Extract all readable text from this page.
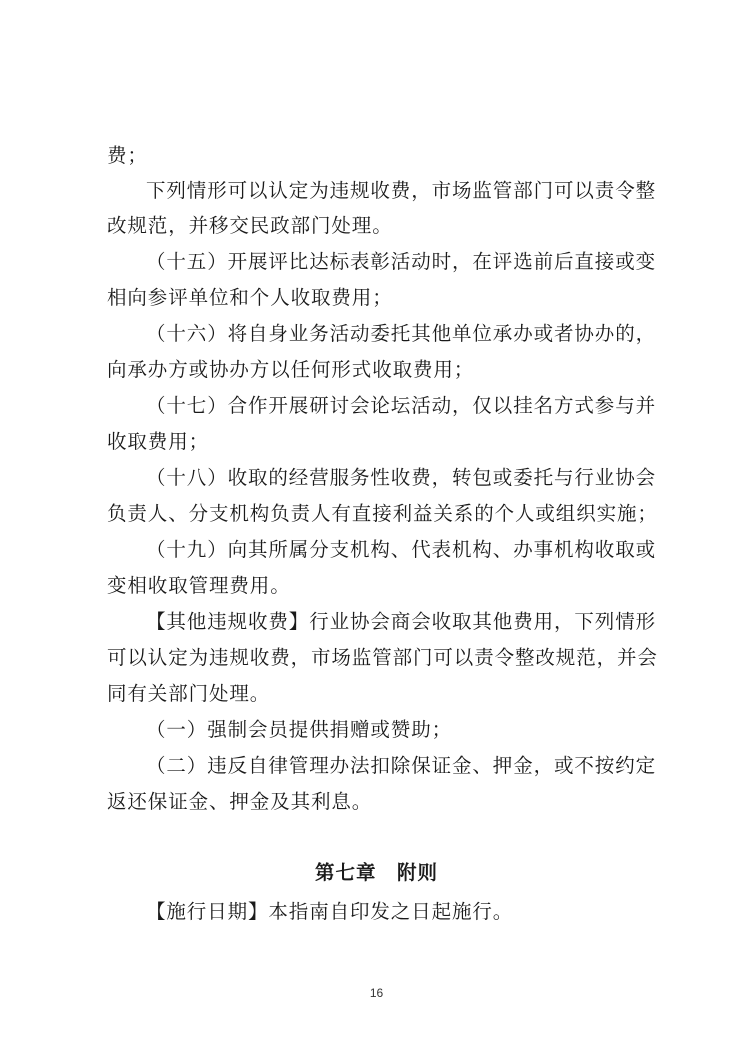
费；
下列情形可以认定为违规收费，市场监管部门可以责令整
改规范，并移交民政部门处理。
（十五）开展评比达标表彰活动时，在评选前后直接或变
相向参评单位和个人收取费用；
（十六）将自身业务活动委托其他单位承办或者协办的，
向承办方或协办方以任何形式收取费用；
（十七）合作开展研讨会论坛活动，仅以挂名方式参与并
收取费用；
（十八）收取的经营服务性收费，转包或委托与行业协会
负责人、分支机构负责人有直接利益关系的个人或组织实施；
（十九）向其所属分支机构、代表机构、办事机构收取或
变相收取管理费用。
【其他违规收费】行业协会商会收取其他费用，下列情形
可以认定为违规收费，市场监管部门可以责令整改规范，并会
同有关部门处理。
（一）强制会员提供捐赠或赞助；
（二）违反自律管理办法扣除保证金、押金，或不按约定
返还保证金、押金及其利息。
第七章　附则
【施行日期】本指南自印发之日起施行。
16
